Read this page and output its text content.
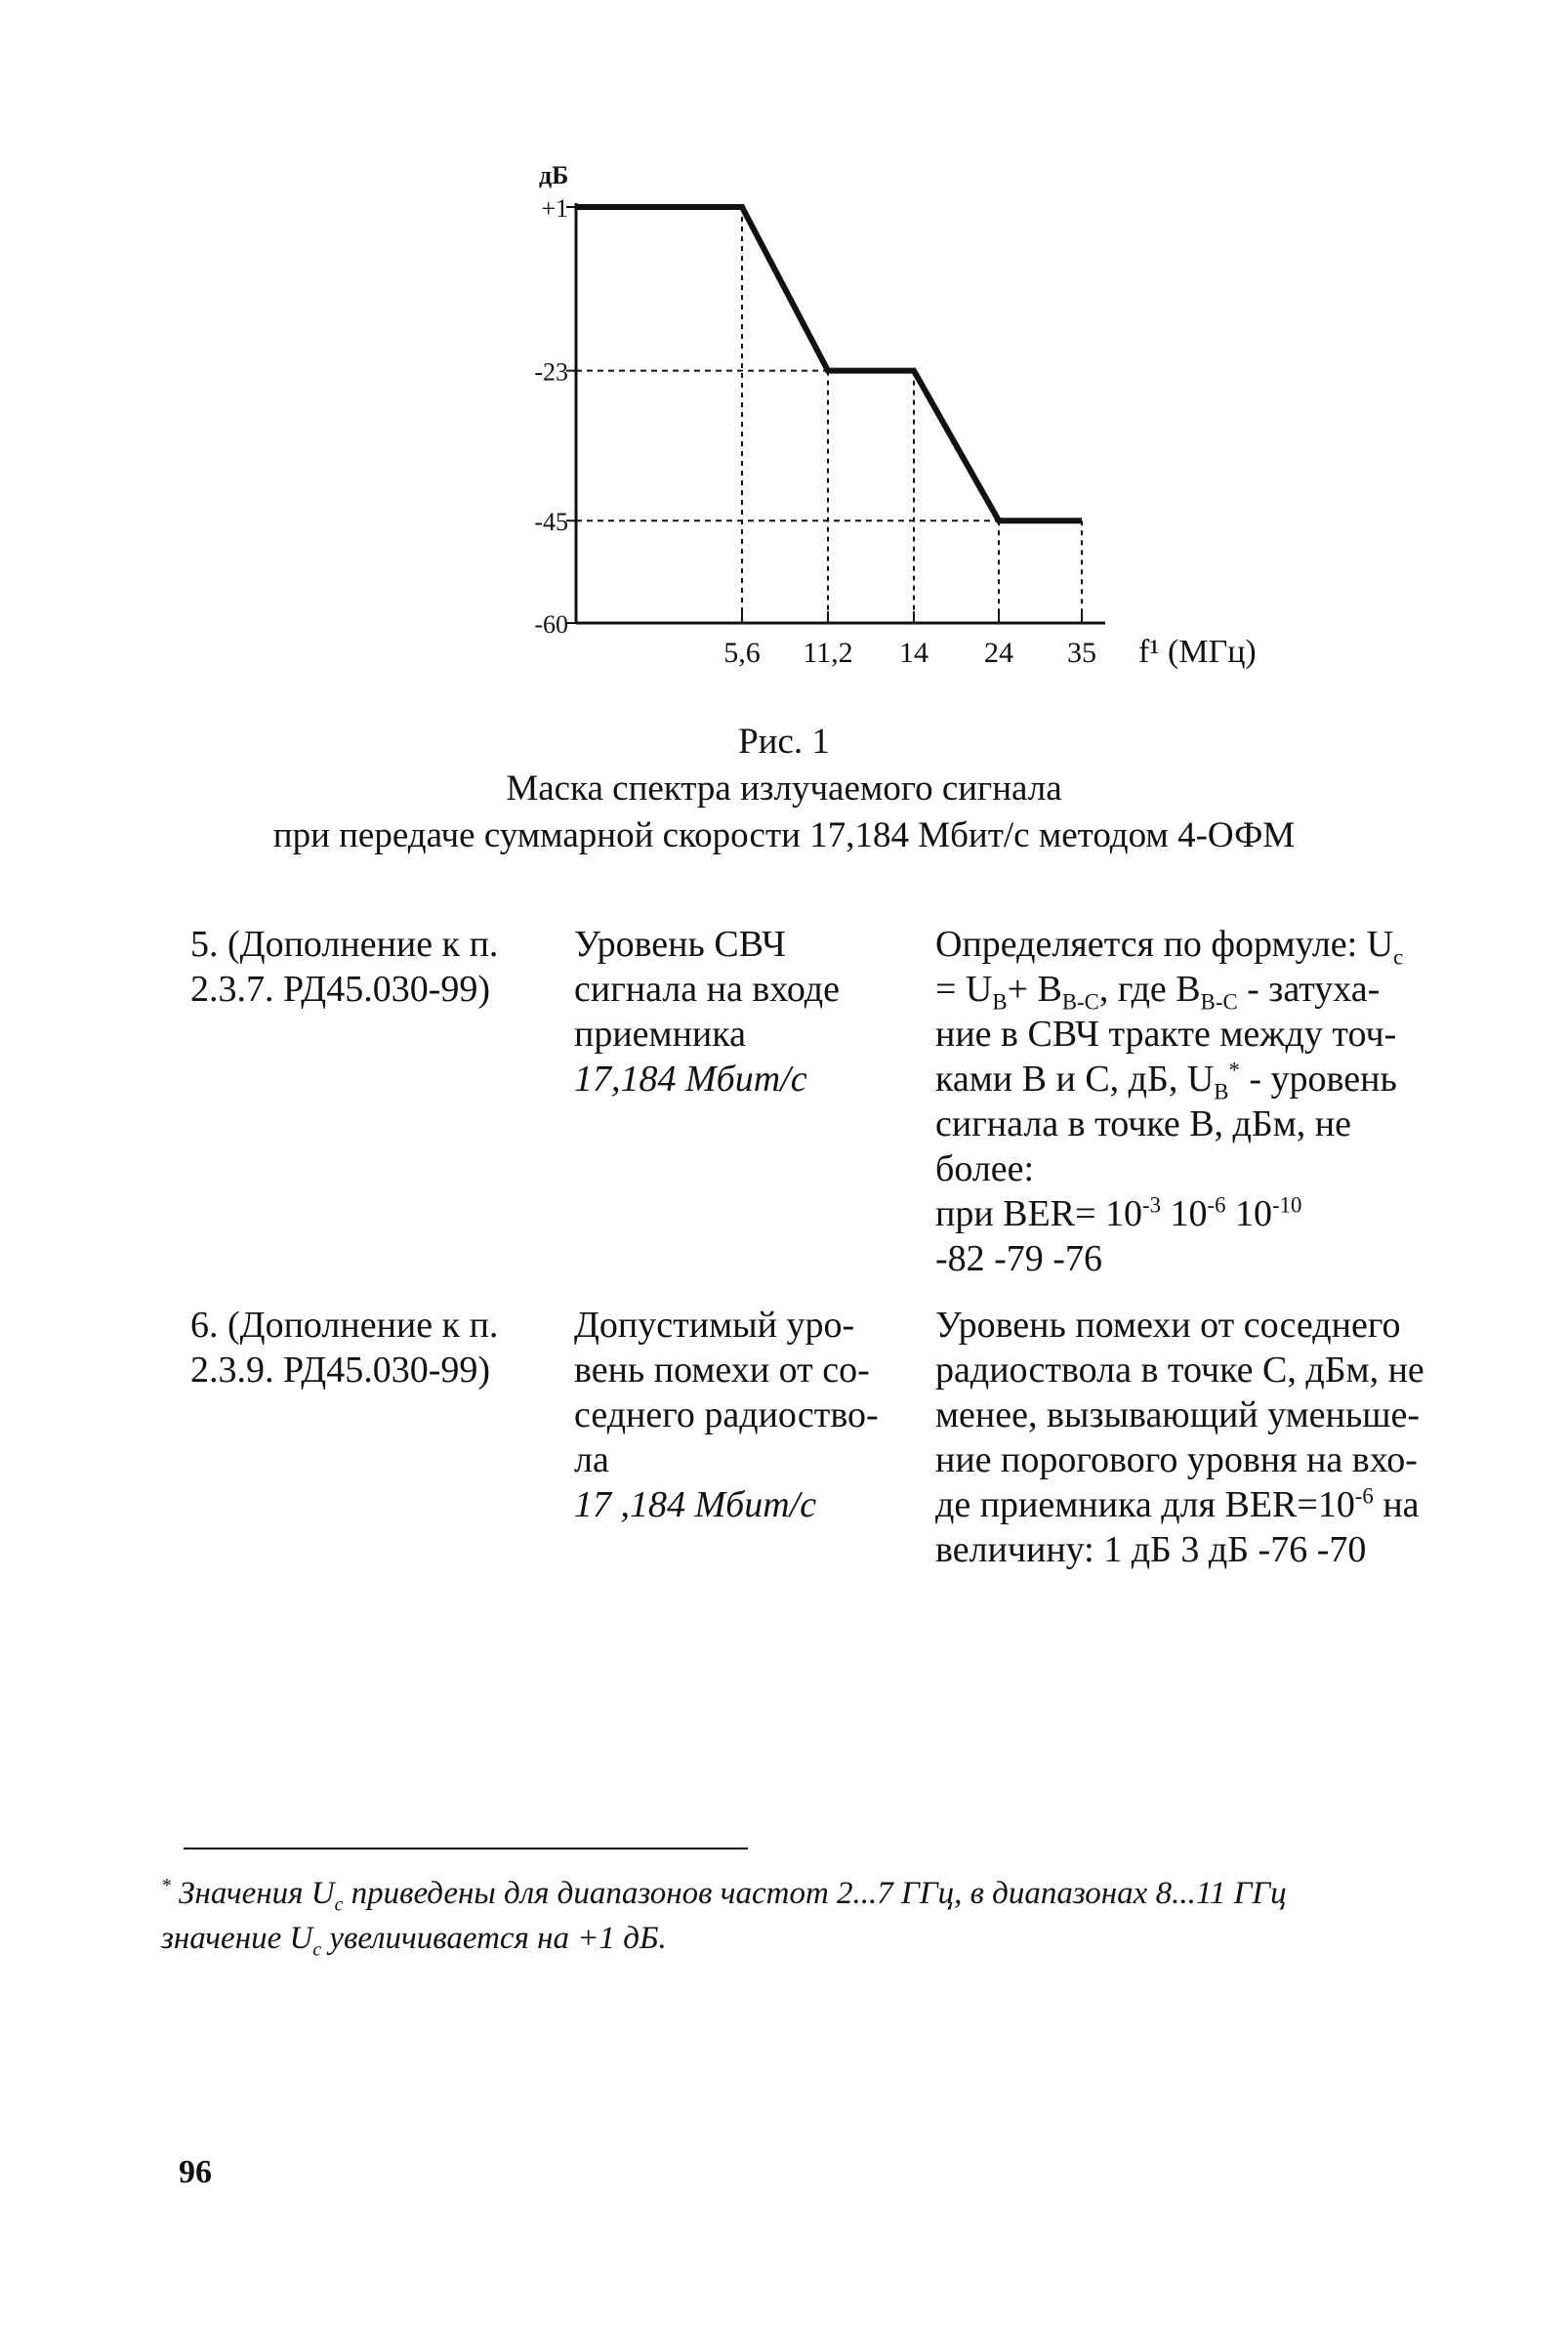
дБ
+1
-23
-45
-60
5,6 11,2 14 24 35 f¹ (МГц)
Рис. 1
Маска спектра излучаемого сигнала
при передаче суммарной скорости 17,184 Мбит/с методом 4-ОФМ
5. (Дополнение к п.
2.3.7. РД45.030-99)
Уровень СВЧ
сигнала на входе
приемника
17,184 Мбит/с
Определяется по формуле: $U_c$
= $U_B+ B_{B-C}$, где $B_{B-C}$ - затуха-
ние в СВЧ тракте между точ-
ками В и С, дБ, $U_B^*$ - уровень
сигнала в точке В, дБм, не
более:
при $BER= 10^{-3}$ $10^{-6}$ $10^{-10}$
-82 -79 -76
6. (Дополнение к п.
2.3.9. РД45.030-99)
Допустимый уро-
вень помехи от со-
седнего радиоство-
ла
17 ,184 Мбит/с
Уровень помехи от соседнего
радиоствола в точке С, дБм, не
менее, вызывающий уменьше-
ние порогового уровня на вхо-
де приемника для $BER=10^{-6}$ на
величину: 1 дБ 3 дБ -76 -70
* Значения $U_c$ приведены для диапазонов частот 2...7 ГГц, в диапазонах 8...11 ГГц
значение $U_c$ увеличивается на +1 дБ.
96
